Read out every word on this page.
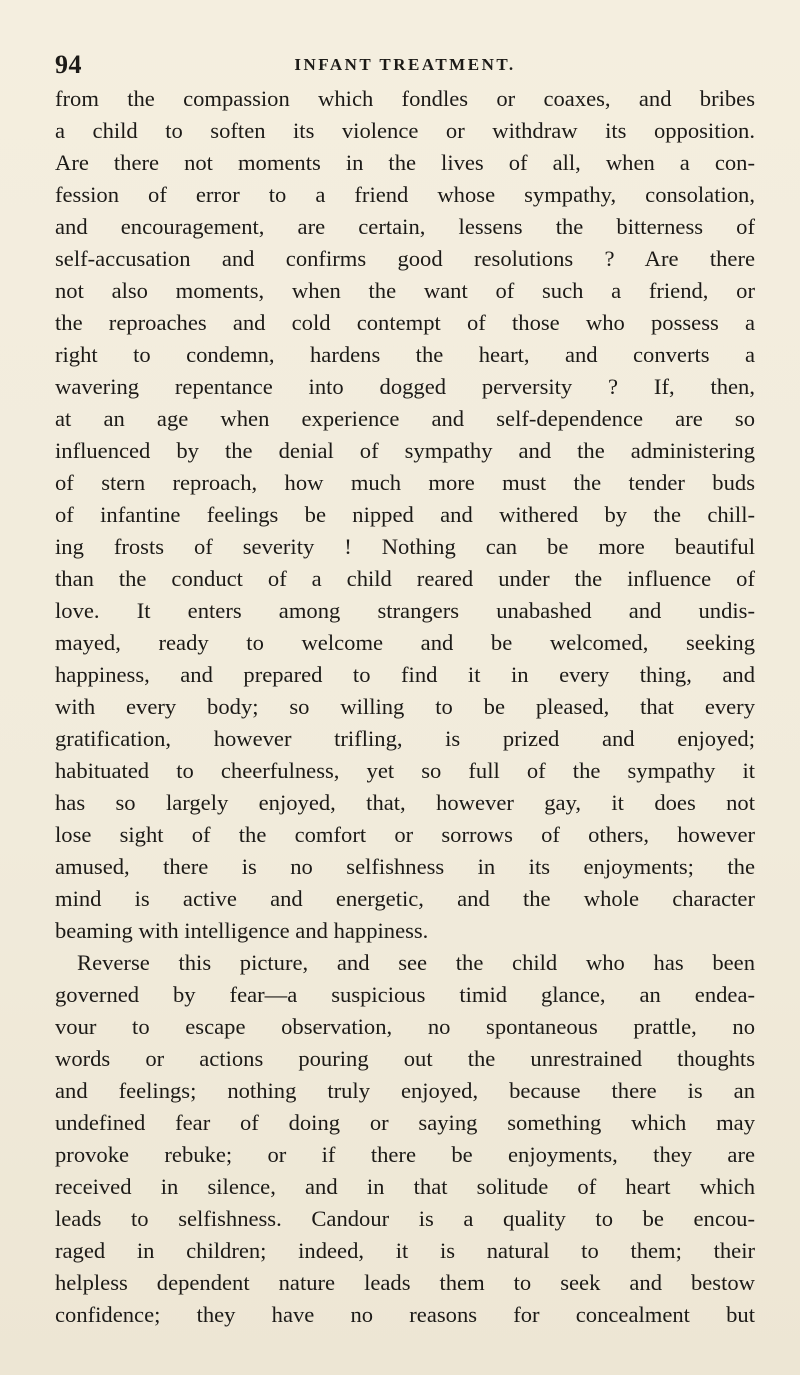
94	INFANT TREATMENT.
from the compassion which fondles or coaxes, and bribes
a child to soften its violence or withdraw its opposition.
Are there not moments in the lives of all, when a con-
fession of error to a friend whose sympathy, consolation,
and encouragement, are certain, lessens the bitterness of
self-accusation and confirms good resolutions ? Are there
not also moments, when the want of such a friend, or
the reproaches and cold contempt of those who possess a
right to condemn, hardens the heart, and converts a
wavering repentance into dogged perversity ? If, then,
at an age when experience and self-dependence are so
influenced by the denial of sympathy and the administering
of stern reproach, how much more must the tender buds
of infantine feelings be nipped and withered by the chill-
ing frosts of severity ! Nothing can be more beautiful
than the conduct of a child reared under the influence of
love. It enters among strangers unabashed and undis-
mayed, ready to welcome and be welcomed, seeking
happiness, and prepared to find it in every thing, and
with every body; so willing to be pleased, that every
gratification, however trifling, is prized and enjoyed;
habituated to cheerfulness, yet so full of the sympathy it
has so largely enjoyed, that, however gay, it does not
lose sight of the comfort or sorrows of others, however
amused, there is no selfishness in its enjoyments; the
mind is active and energetic, and the whole character
beaming with intelligence and happiness.
Reverse this picture, and see the child who has been
governed by fear—a suspicious timid glance, an endea-
vour to escape observation, no spontaneous prattle, no
words or actions pouring out the unrestrained thoughts
and feelings; nothing truly enjoyed, because there is an
undefined fear of doing or saying something which may
provoke rebuke; or if there be enjoyments, they are
received in silence, and in that solitude of heart which
leads to selfishness. Candour is a quality to be encou-
raged in children; indeed, it is natural to them; their
helpless dependent nature leads them to seek and bestow
confidence; they have no reasons for concealment but
